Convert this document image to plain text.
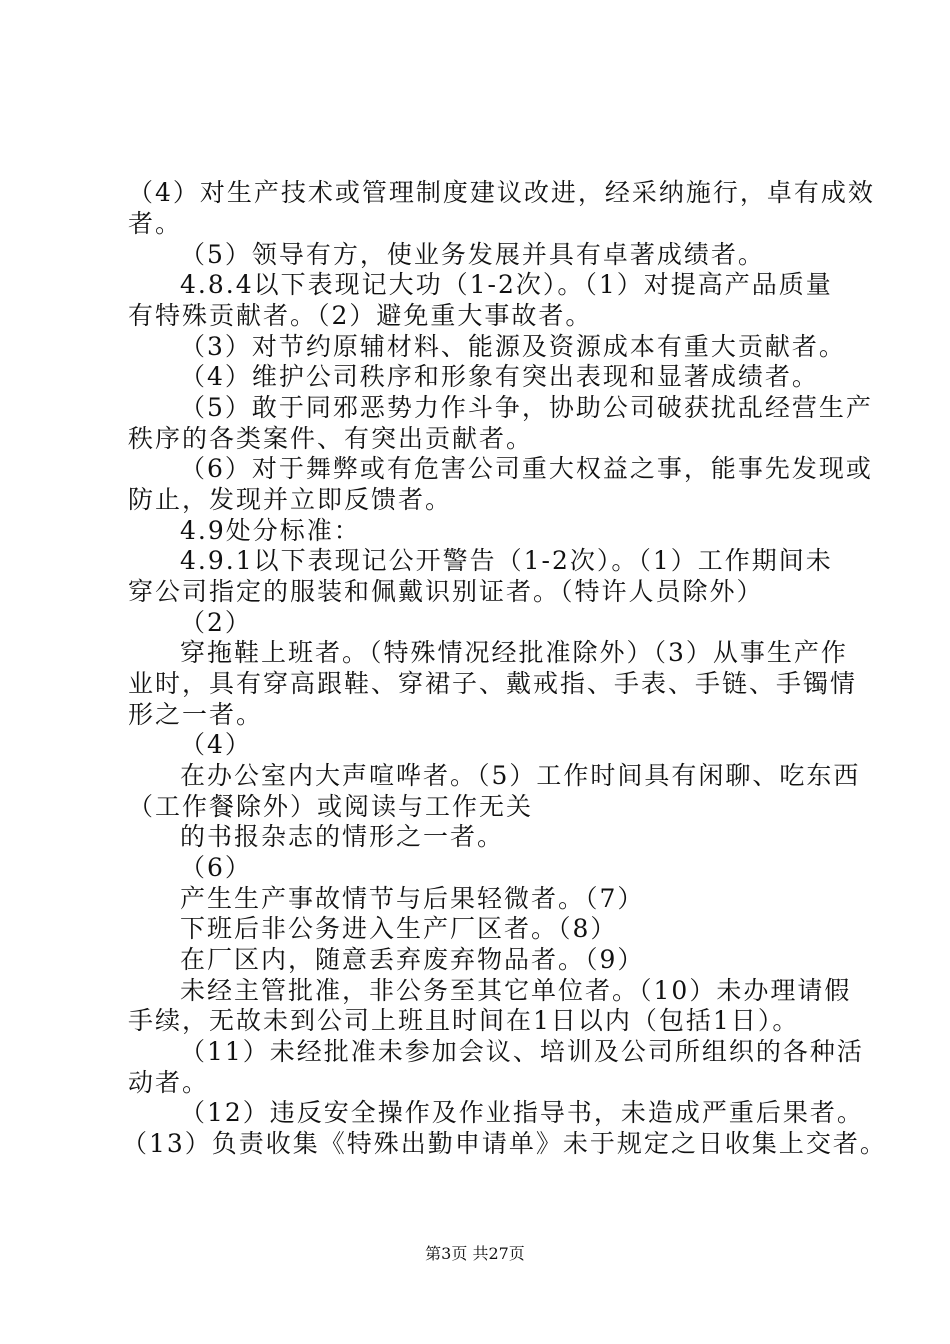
（4）对生产技术或管理制度建议改进，经采纳施行，卓有成效
者。
（5）领导有方，使业务发展并具有卓著成绩者。
4.8.4以下表现记大功（1-2次）。（1）对提高产品质量
有特殊贡献者。（2）避免重大事故者。
（3）对节约原辅材料、能源及资源成本有重大贡献者。
（4）维护公司秩序和形象有突出表现和显著成绩者。
（5）敢于同邪恶势力作斗争，协助公司破获扰乱经营生产
秩序的各类案件、有突出贡献者。
（6）对于舞弊或有危害公司重大权益之事，能事先发现或
防止，发现并立即反馈者。
4.9处分标准：
4.9.1以下表现记公开警告（1-2次）。（1）工作期间未
穿公司指定的服装和佩戴识别证者。（特许人员除外）
（2）
穿拖鞋上班者。（特殊情况经批准除外）（3）从事生产作
业时，具有穿高跟鞋、穿裙子、戴戒指、手表、手链、手镯情
形之一者。
（4）
在办公室内大声喧哗者。（5）工作时间具有闲聊、吃东西
（工作餐除外）或阅读与工作无关
的书报杂志的情形之一者。
（6）
产生生产事故情节与后果轻微者。（7）
下班后非公务进入生产厂区者。（8）
在厂区内，随意丢弃废弃物品者。（9）
未经主管批准，非公务至其它单位者。（10）未办理请假
手续，无故未到公司上班且时间在1日以内（包括1日）。
（11）未经批准未参加会议、培训及公司所组织的各种活
动者。
（12）违反安全操作及作业指导书，未造成严重后果者。
（13）负责收集《特殊出勤申请单》未于规定之日收集上交者。
第3页 共27页
